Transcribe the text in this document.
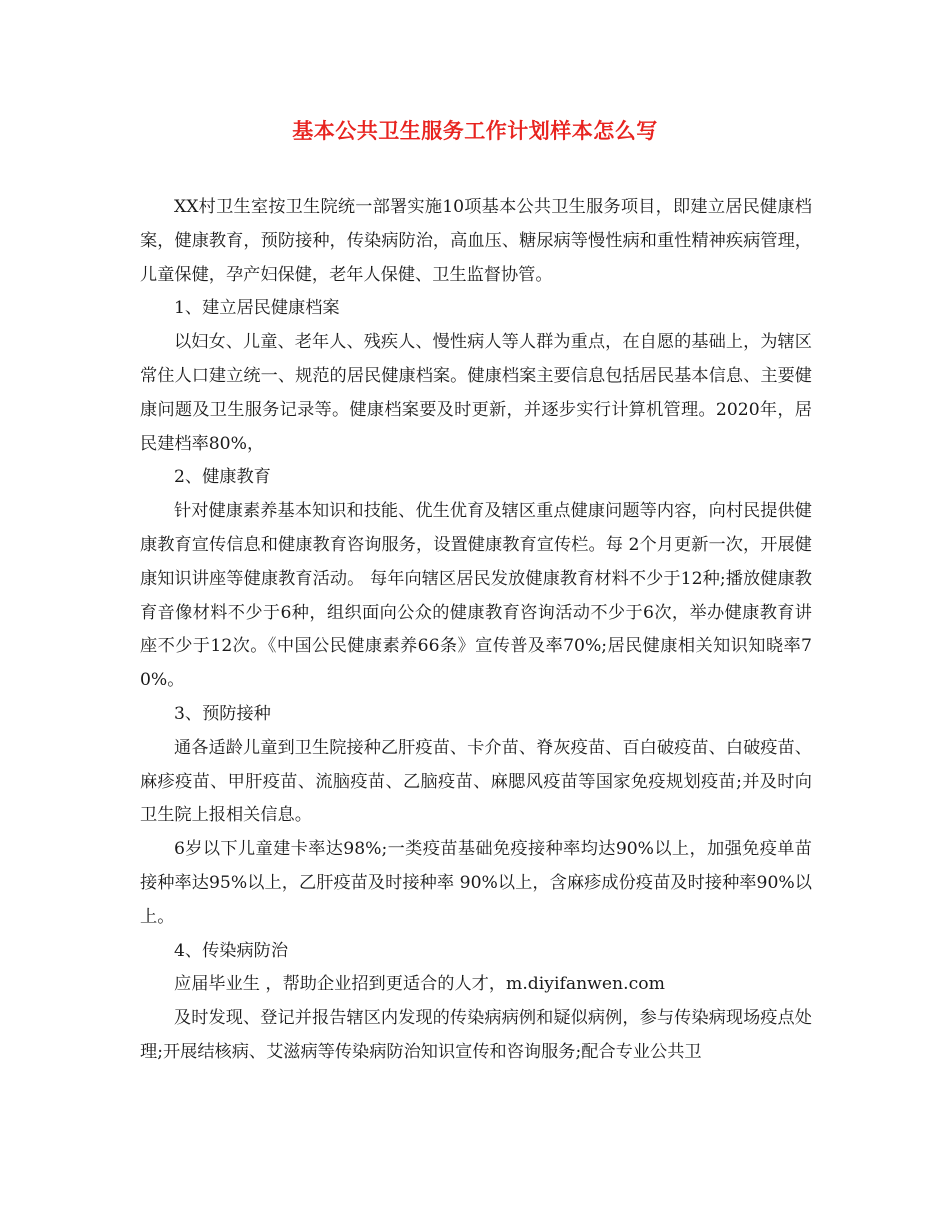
基本公共卫生服务工作计划样本怎么写

XX村卫生室按卫生院统一部署实施10项基本公共卫生服务项目，即建立居民健康档案，健康教育，预防接种，传染病防治，高血压、糖尿病等慢性病和重性精神疾病管理，儿童保健，孕产妇保健，老年人保健、卫生监督协管。

1、建立居民健康档案

以妇女、儿童、老年人、残疾人、慢性病人等人群为重点，在自愿的基础上，为辖区常住人口建立统一、规范的居民健康档案。健康档案主要信息包括居民基本信息、主要健康问题及卫生服务记录等。健康档案要及时更新，并逐步实行计算机管理。2020年，居民建档率80%，

2、健康教育

针对健康素养基本知识和技能、优生优育及辖区重点健康问题等内容，向村民提供健康教育宣传信息和健康教育咨询服务，设置健康教育宣传栏。每 2个月更新一次，开展健康知识讲座等健康教育活动。 每年向辖区居民发放健康教育材料不少于12种;播放健康教育音像材料不少于6种，组织面向公众的健康教育咨询活动不少于6次，举办健康教育讲座不少于12次。《中国公民健康素养66条》宣传普及率70%;居民健康相关知识知晓率70%。

3、预防接种

通各适龄儿童到卫生院接种乙肝疫苗、卡介苗、脊灰疫苗、百白破疫苗、白破疫苗、麻疹疫苗、甲肝疫苗、流脑疫苗、乙脑疫苗、麻腮风疫苗等国家免疫规划疫苗;并及时向卫生院上报相关信息。

6岁以下儿童建卡率达98%;一类疫苗基础免疫接种率均达90%以上，加强免疫单苗接种率达95%以上，乙肝疫苗及时接种率 90%以上，含麻疹成份疫苗及时接种率90%以上。

4、传染病防治

应届毕业生 ，帮助企业招到更适合的人才，m.diyifanwen.com

及时发现、登记并报告辖区内发现的传染病病例和疑似病例，参与传染病现场疫点处理;开展结核病、艾滋病等传染病防治知识宣传和咨询服务;配合专业公共卫
